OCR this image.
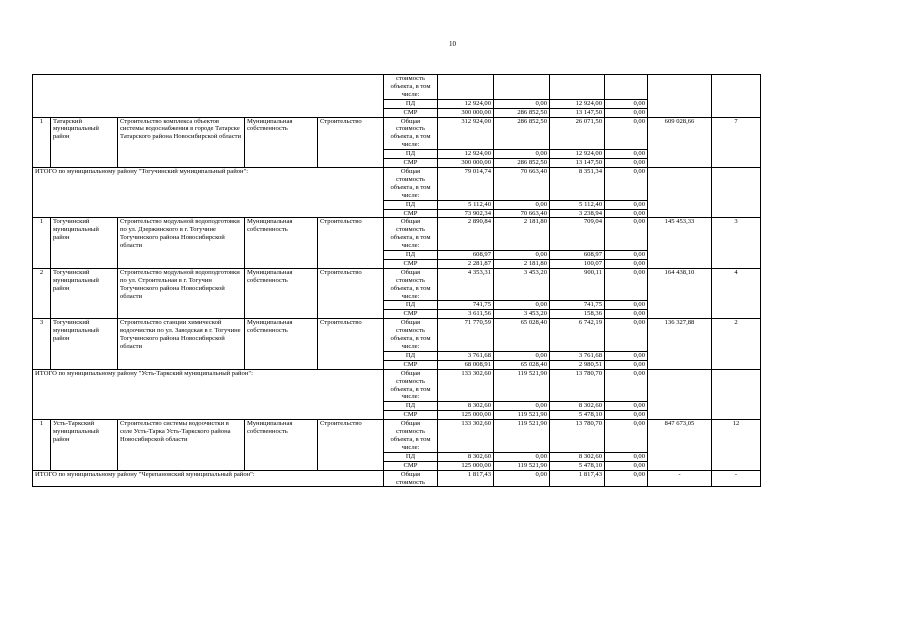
10
					стоимость объекта, в том числе:						
					ПД	12 924,00	0,00	12 924,00	0,00		
					СМР	300 000,00	286 852,50	13 147,50	0,00		
1	Татарский муниципальный район	Строительство комплекса объектов системы водоснабжения в городе Татарске Татарского района Новосибирской области	Муниципальная собственность	Строительство	Общая стоимость объекта, в том числе:	312 924,00	286 852,50	26 071,50	0,00	609 028,66	7
					ПД	12 924,00	0,00	12 924,00	0,00		
					СМР	300 000,00	286 852,50	13 147,50	0,00		
ИТОГО по муниципальному району "Тогучинский муниципальный район":					Общая стоимость объекта, в том числе:	79 014,74	70 663,40	8 351,34	0,00		
					ПД	5 112,40	0,00	5 112,40	0,00		
					СМР	73 902,34	70 663,40	3 238,94	0,00		
1	Тогучинский муниципальный район	Строительство модульной водоподготовки по ул. Дзержинского в г. Тогучине Тогучинского района Новосибирской области	Муниципальная собственность	Строительство	Общая стоимость объекта, в том числе:	2 890,84	2 181,80	709,04	0,00	145 453,33	3
					ПД	608,97	0,00	608,97	0,00		
					СМР	2 281,87	2 181,80	100,07	0,00		
2	Тогучинский муниципальный район	Строительство модульной водоподготовки по ул. Строительная в г. Тогучин Тогучинского района Новосибирской области	Муниципальная собственность	Строительство	Общая стоимость объекта, в том числе:	4 353,31	3 453,20	900,11	0,00	164 438,10	4
					ПД	741,75	0,00	741,75	0,00		
					СМР	3 611,56	3 453,20	158,36	0,00		
3	Тогучинский муниципальный район	Строительство станции химической водоочистки по ул. Заводская в г. Тогучине Тогучинского района Новосибирской области	Муниципальная собственность	Строительство	Общая стоимость объекта, в том числе:	71 770,59	65 028,40	6 742,19	0,00	136 327,88	2
					ПД	3 761,68	0,00	3 761,68	0,00		
					СМР	68 008,91	65 028,40	2 980,51	0,00		
ИТОГО по муниципальному району "Усть-Таркский муниципальный район":					Общая стоимость объекта, в том числе:	133 302,60	119 521,90	13 780,70	0,00		
					ПД	8 302,60	0,00	8 302,60	0,00		
					СМР	125 000,00	119 521,90	5 478,10	0,00		
1	Усть-Таркский муниципальный район	Строительство системы водоочистки в селе Усть-Тарка Усть-Таркского района Новосибирской области	Муниципальная собственность	Строительство	Общая стоимость объекта, в том числе:	133 302,60	119 521,90	13 780,70	0,00	847 673,05	12
					ПД	8 302,60	0,00	8 302,60	0,00		
					СМР	125 000,00	119 521,90	5 478,10	0,00		
ИТОГО по муниципальному району "Черепановский муниципальный район":					Общая стоимость	1 817,43	0,00	1 817,43	0,00	-	-
